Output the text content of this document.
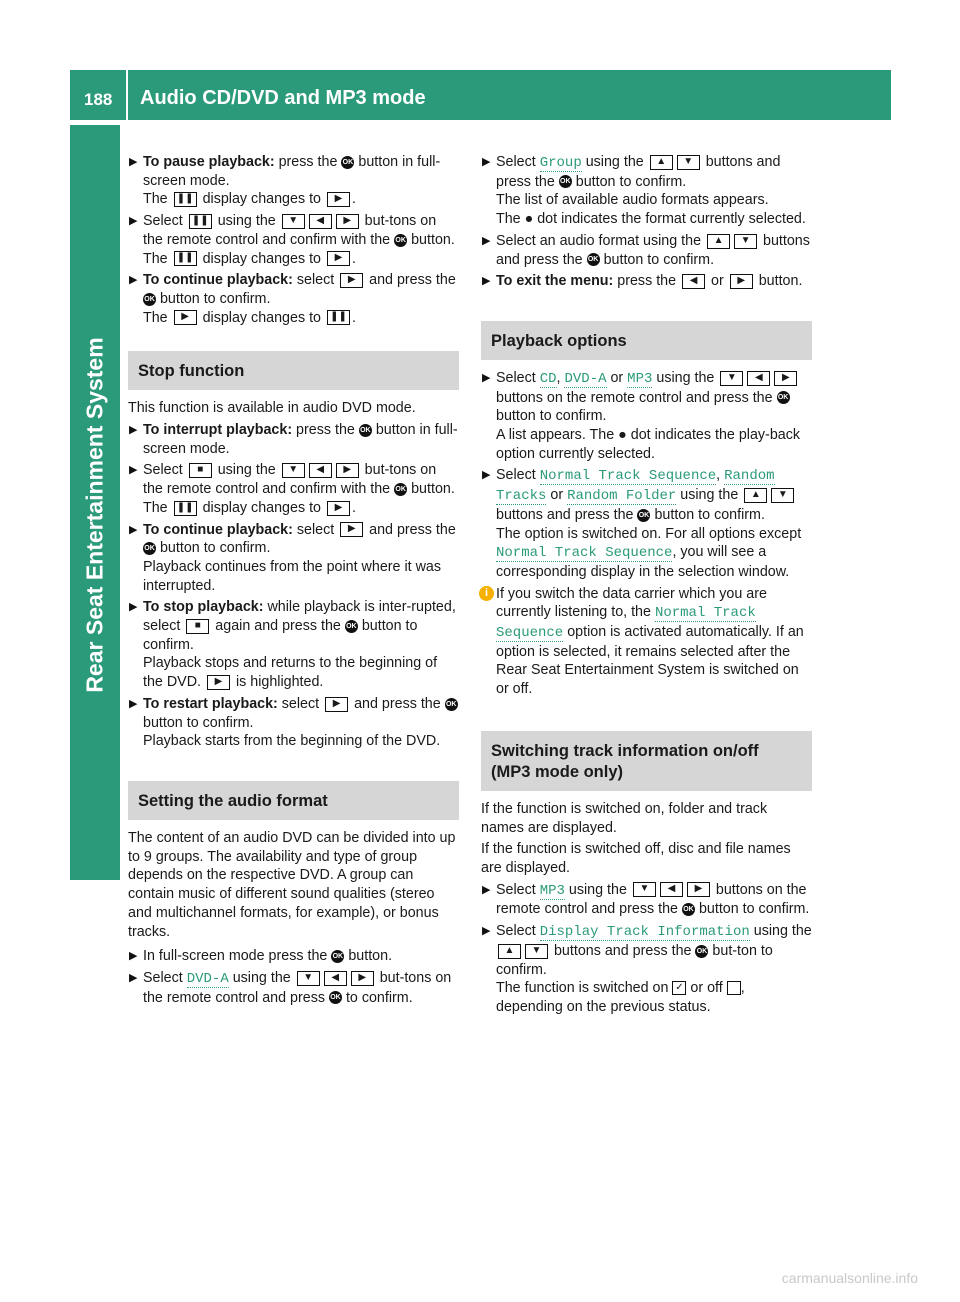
188 Audio CD/DVD and MP3 mode
Rear Seat Entertainment System
▶ To pause playback: press the OK button in full-screen mode.
The ❚❚ display changes to ▶ .
▶ Select ❚❚ using the ▼ ◀ ▶ but-tons on the remote control and confirm with the OK button.
The ❚❚ display changes to ▶ .
▶ To continue playback: select ▶ and press the OK button to confirm.
The ▶ display changes to ❚❚ .
Stop function
This function is available in audio DVD mode.
▶ To interrupt playback: press the OK button in full-screen mode.
▶ Select ■ using the ▼ ◀ ▶ but-tons on the remote control and confirm with the OK button.
The ❚❚ display changes to ▶ .
▶ To continue playback: select ▶ and press the OK button to confirm.
Playback continues from the point where it was interrupted.
▶ To stop playback: while playback is inter-rupted, select ■ again and press the OK button to confirm.
Playback stops and returns to the beginning of the DVD. ▶ is highlighted.
▶ To restart playback: select ▶ and press the OK button to confirm.
Playback starts from the beginning of the DVD.
Setting the audio format
The content of an audio DVD can be divided into up to 9 groups. The availability and type of group depends on the respective DVD. A group can contain music of different sound qualities (stereo and multichannel formats, for example), or bonus tracks.
▶ In full-screen mode press the OK button.
▶ Select DVD-A using the ▼ ◀ ▶ but-tons on the remote control and press OK to confirm.
▶ Select Group using the ▲ ▼ buttons and press the OK button to confirm.
The list of available audio formats appears.
The ● dot indicates the format currently selected.
▶ Select an audio format using the ▲ ▼ buttons and press the OK button to confirm.
▶ To exit the menu: press the ◀ or ▶ button.
Playback options
▶ Select CD, DVD-A or MP3 using the ▼ ◀ ▶ buttons on the remote control and press the OK button to confirm.
A list appears. The ● dot indicates the play-back option currently selected.
▶ Select Normal Track Sequence, Random Tracks or Random Folder using the ▲ ▼ buttons and press the OK button to confirm.
The option is switched on. For all options except Normal Track Sequence, you will see a corresponding display in the selection window.
i If you switch the data carrier which you are currently listening to, the Normal Track Sequence option is activated automatically. If an option is selected, it remains selected after the Rear Seat Entertainment System is switched on or off.
Switching track information on/off (MP3 mode only)
If the function is switched on, folder and track names are displayed.
If the function is switched off, disc and file names are displayed.
▶ Select MP3 using the ▼ ◀ ▶ buttons on the remote control and press the OK button to confirm.
▶ Select Display Track Information using the ▲ ▼ buttons and press the OK but-ton to confirm.
The function is switched on ✓ or off , depending on the previous status.
carmanualsonline.info
